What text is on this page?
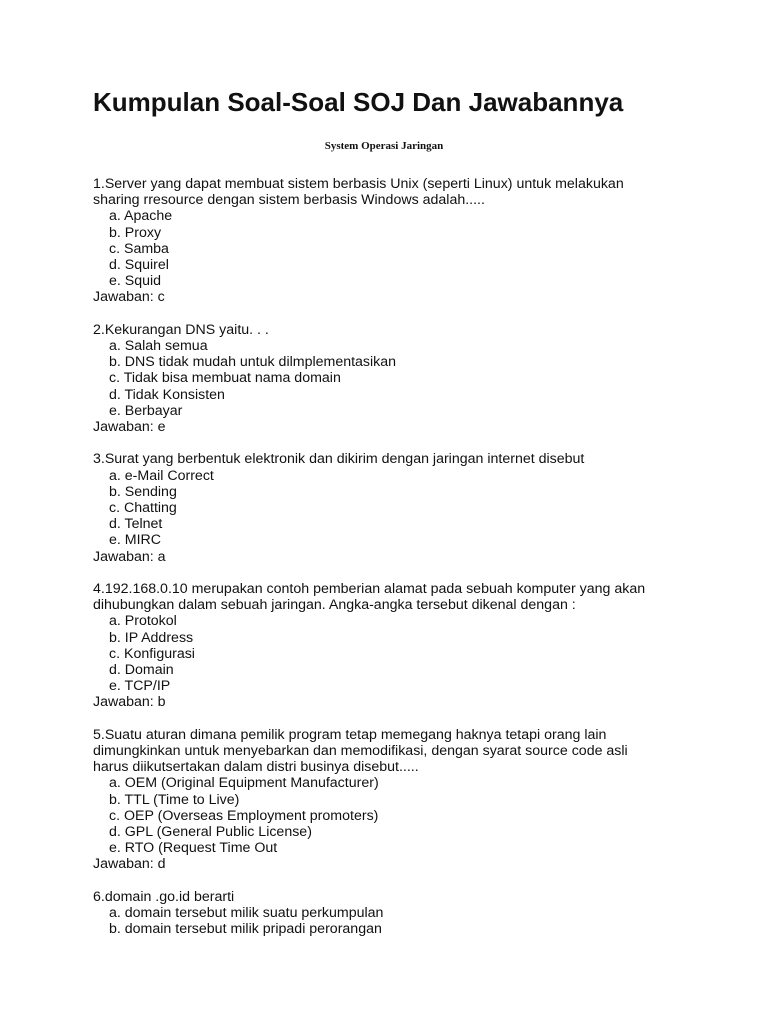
Kumpulan Soal-Soal SOJ Dan Jawabannya
System Operasi Jaringan
1.Server yang dapat membuat sistem berbasis Unix (seperti Linux) untuk melakukan
sharing rresource dengan sistem berbasis Windows adalah.....
a. Apache
b. Proxy
c. Samba
d. Squirel
e. Squid
Jawaban: c
2.Kekurangan DNS yaitu. . .
a. Salah semua
b. DNS tidak mudah untuk dilmplementasikan
c. Tidak bisa membuat nama domain
d. Tidak Konsisten
e. Berbayar
Jawaban: e
3.Surat yang berbentuk elektronik dan dikirim dengan jaringan internet disebut
a. e-Mail Correct
b. Sending
c. Chatting
d. Telnet
e. MIRC
Jawaban: a
4.192.168.0.10 merupakan contoh pemberian alamat pada sebuah komputer yang akan
dihubungkan dalam sebuah jaringan. Angka-angka tersebut dikenal dengan :
a. Protokol
b. IP Address
c. Konfigurasi
d. Domain
e. TCP/IP
Jawaban: b
5.Suatu aturan dimana pemilik program tetap memegang haknya tetapi orang lain
dimungkinkan untuk menyebarkan dan memodifikasi, dengan syarat source code asli
harus diikutsertakan dalam distri businya disebut.....
a. OEM (Original Equipment Manufacturer)
b. TTL (Time to Live)
c. OEP (Overseas Employment promoters)
d. GPL (General Public License)
e. RTO (Request Time Out
Jawaban: d
6.domain .go.id berarti
a. domain tersebut milik suatu perkumpulan
b. domain tersebut milik pripadi perorangan
